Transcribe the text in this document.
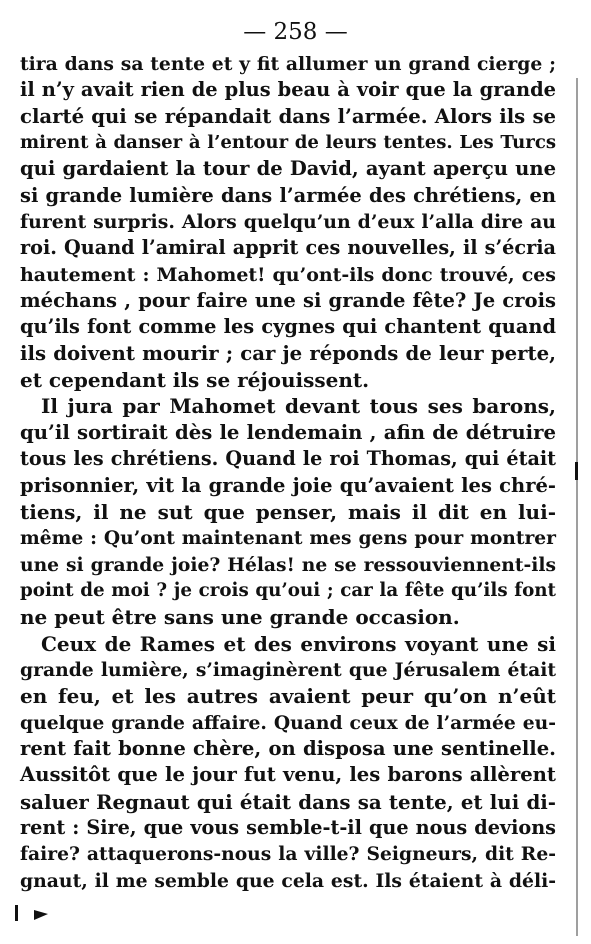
— 258 —
tira dans sa tente et y fit allumer un grand cierge ;
il n’y avait rien de plus beau à voir que la grande
clarté qui se répandait dans l’armée. Alors ils se
mirent à danser à l’entour de leurs tentes. Les Turcs
qui gardaient la tour de David, ayant aperçu une
si grande lumière dans l’armée des chrétiens, en
furent surpris. Alors quelqu’un d’eux l’alla dire au
roi. Quand l’amiral apprit ces nouvelles, il s’écria
hautement : Mahomet! qu’ont-ils donc trouvé, ces
méchans , pour faire une si grande fête? Je crois
qu’ils font comme les cygnes qui chantent quand
ils doivent mourir ; car je réponds de leur perte,
et cependant ils se réjouissent.
Il jura par Mahomet devant tous ses barons,
qu’il sortirait dès le lendemain , afin de détruire
tous les chrétiens. Quand le roi Thomas, qui était
prisonnier, vit la grande joie qu’avaient les chré-
tiens, il ne sut que penser, mais il dit en lui-
même : Qu’ont maintenant mes gens pour montrer
une si grande joie? Hélas! ne se ressouviennent-ils
point de moi ? je crois qu’oui ; car la fête qu’ils font
ne peut être sans une grande occasion.
Ceux de Rames et des environs voyant une si
grande lumière, s’imaginèrent que Jérusalem était
en feu, et les autres avaient peur qu’on n’eût
quelque grande affaire. Quand ceux de l’armée eu-
rent fait bonne chère, on disposa une sentinelle.
Aussitôt que le jour fut venu, les barons allèrent
saluer Regnaut qui était dans sa tente, et lui di-
rent : Sire, que vous semble-t-il que nous devions
faire? attaquerons-nous la ville? Seigneurs, dit Re-
gnaut, il me semble que cela est. Ils étaient à déli-
